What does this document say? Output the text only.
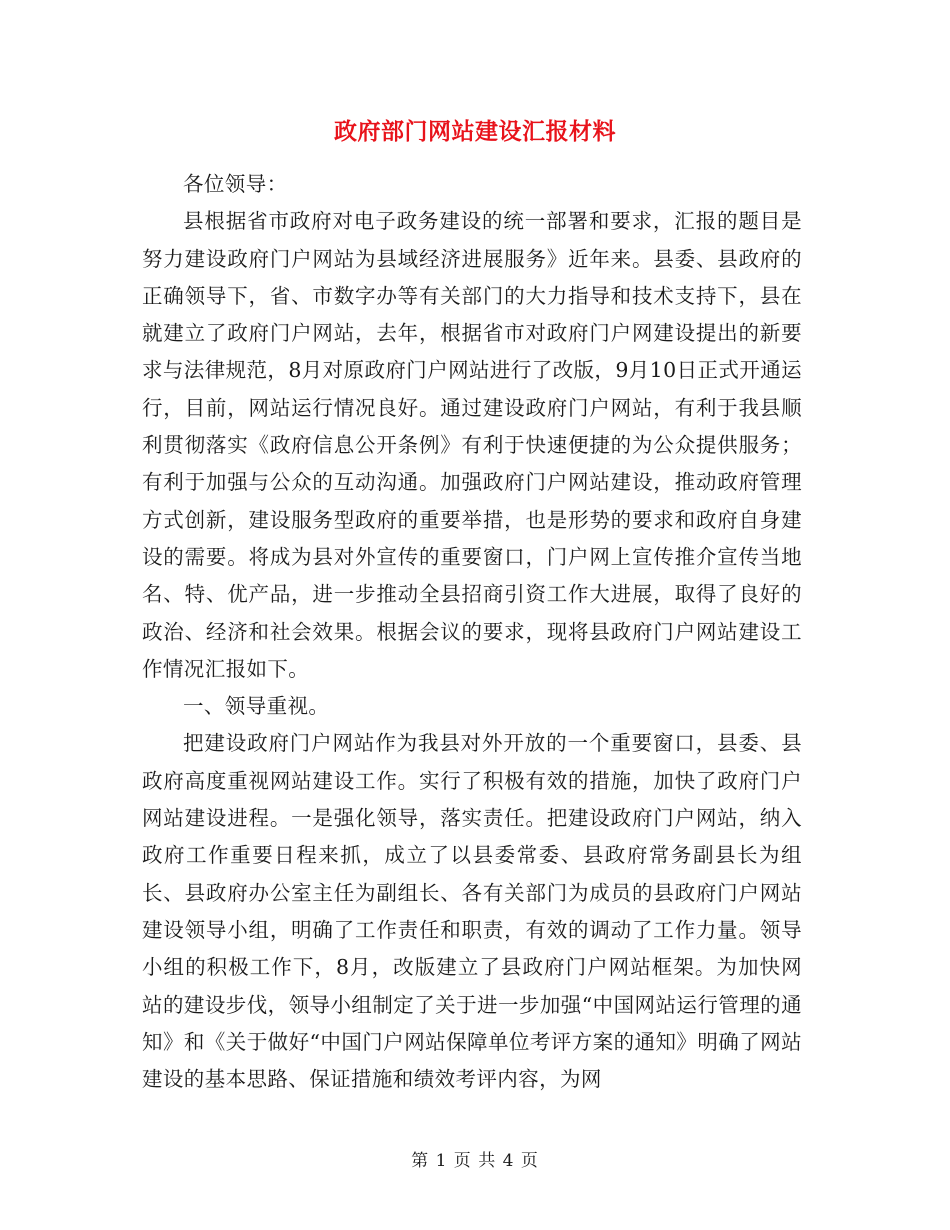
政府部门网站建设汇报材料

各位领导：

县根据省市政府对电子政务建设的统一部署和要求，汇报的题目是努力建设政府门户网站为县域经济进展服务》近年来。县委、县政府的正确领导下，省、市数字办等有关部门的大力指导和技术支持下，县在就建立了政府门户网站，去年，根据省市对政府门户网建设提出的新要求与法律规范，8月对原政府门户网站进行了改版，9月10日正式开通运行，目前，网站运行情况良好。通过建设政府门户网站，有利于我县顺利贯彻落实《政府信息公开条例》有利于快速便捷的为公众提供服务；有利于加强与公众的互动沟通。加强政府门户网站建设，推动政府管理方式创新，建设服务型政府的重要举措，也是形势的要求和政府自身建设的需要。将成为县对外宣传的重要窗口，门户网上宣传推介宣传当地名、特、优产品，进一步推动全县招商引资工作大进展，取得了良好的政治、经济和社会效果。根据会议的要求，现将县政府门户网站建设工作情况汇报如下。

一、领导重视。

把建设政府门户网站作为我县对外开放的一个重要窗口，县委、县政府高度重视网站建设工作。实行了积极有效的措施，加快了政府门户网站建设进程。一是强化领导，落实责任。把建设政府门户网站，纳入政府工作重要日程来抓，成立了以县委常委、县政府常务副县长为组长、县政府办公室主任为副组长、各有关部门为成员的县政府门户网站建设领导小组，明确了工作责任和职责，有效的调动了工作力量。领导小组的积极工作下，8月，改版建立了县政府门户网站框架。为加快网站的建设步伐，领导小组制定了关于进一步加强“中国网站运行管理的通知》和《关于做好“中国门户网站保障单位考评方案的通知》明确了网站建设的基本思路、保证措施和绩效考评内容，为网

第 1 页 共 4 页
